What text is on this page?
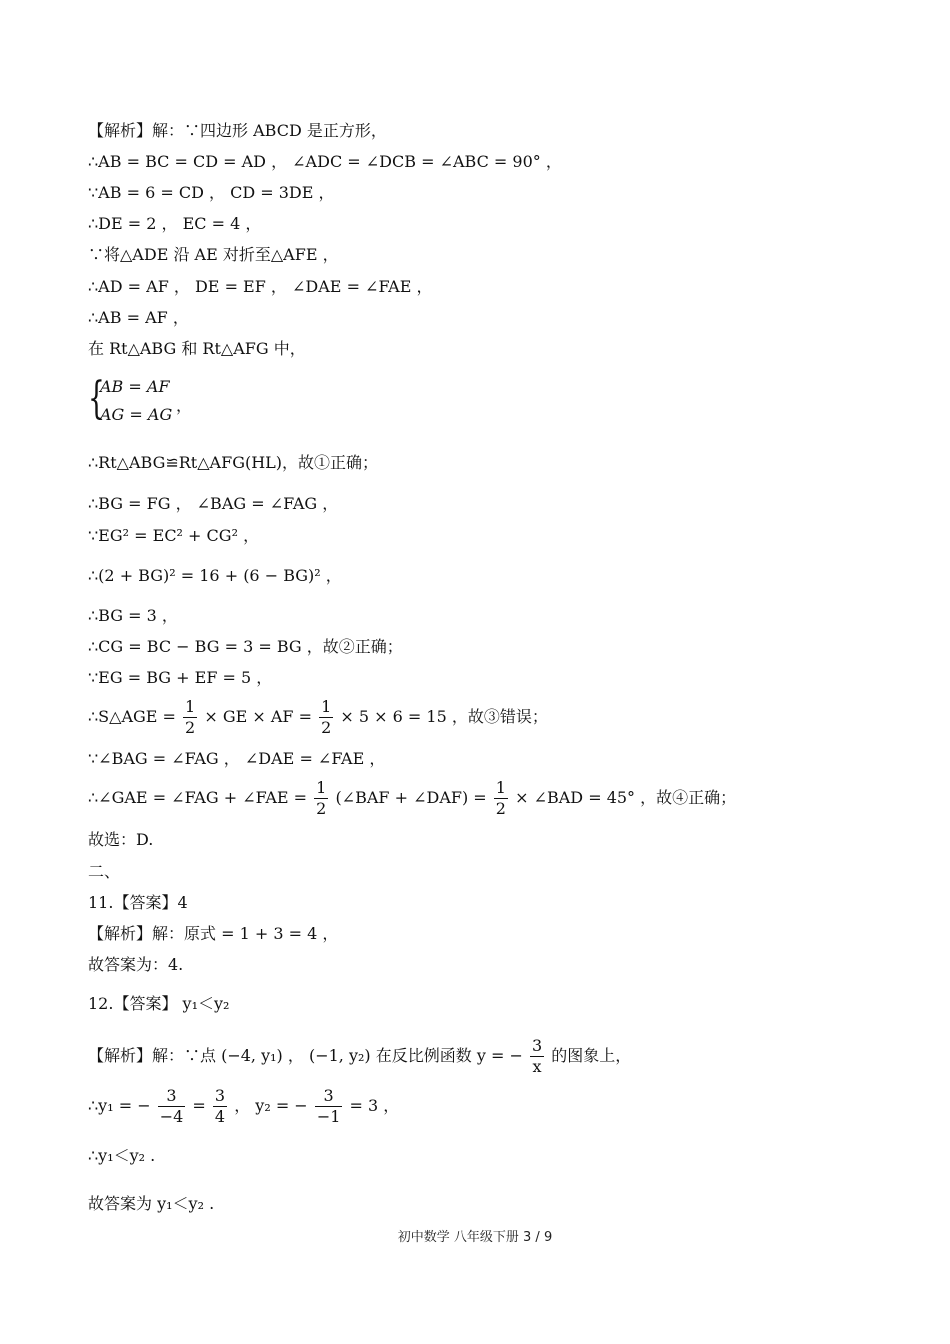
【解析】解：∵四边形 ABCD 是正方形，
∴AB = BC = CD = AD ， ∠ADC = ∠DCB = ∠ABC = 90° ，
∵AB = 6 = CD ， CD = 3DE ，
∴DE = 2 ， EC = 4 ，
∵将△ADE 沿 AE 对折至△AFE ，
∴AD = AF ， DE = EF ， ∠DAE = ∠FAE ，
∴AB = AF ，
在 Rt△ABG 和 Rt△AFG 中，
{
AB = AF
AG = AG ，
∴Rt△ABG≌Rt△AFG(HL)，故①正确；
∴BG = FG ， ∠BAG = ∠FAG ，
∵EG² = EC² + CG² ，
∴(2 + BG)² = 16 + (6 − BG)² ，
∴BG = 3 ，
∴CG = BC − BG = 3 = BG ，故②正确；
∵EG = BG + EF = 5 ，
∴S△AGE = $\frac{1}{2}$ × GE × AF = $\frac{1}{2} \times 5 \times 6 = 15$ ，故③错误；
∵∠BAG = ∠FAG ， ∠DAE = ∠FAE ，
∴∠GAE = ∠FAG + ∠FAE = $\frac{1}{2}$ (∠BAF + ∠DAF) = $\frac{1}{2}$ × ∠BAD = 45° ，故④正确；
故选：D.
二、
11.【答案】4
【解析】解：原式 = 1 + 3 = 4 ，
故答案为：4.
12.【答案】 y₁＜y₂
【解析】解：∵点 (−4, y₁) ， (−1, y₂) 在反比例函数 y = − $\frac{3}{x}$ 的图象上，
∴y₁ = − $\frac{3}{-4} = \frac{3}{4}$ ， y₂ = − $\frac{3}{-1} = 3$ ，
∴y₁＜y₂ .
故答案为 y₁＜y₂ .
初中数学 八年级下册 3 / 9
